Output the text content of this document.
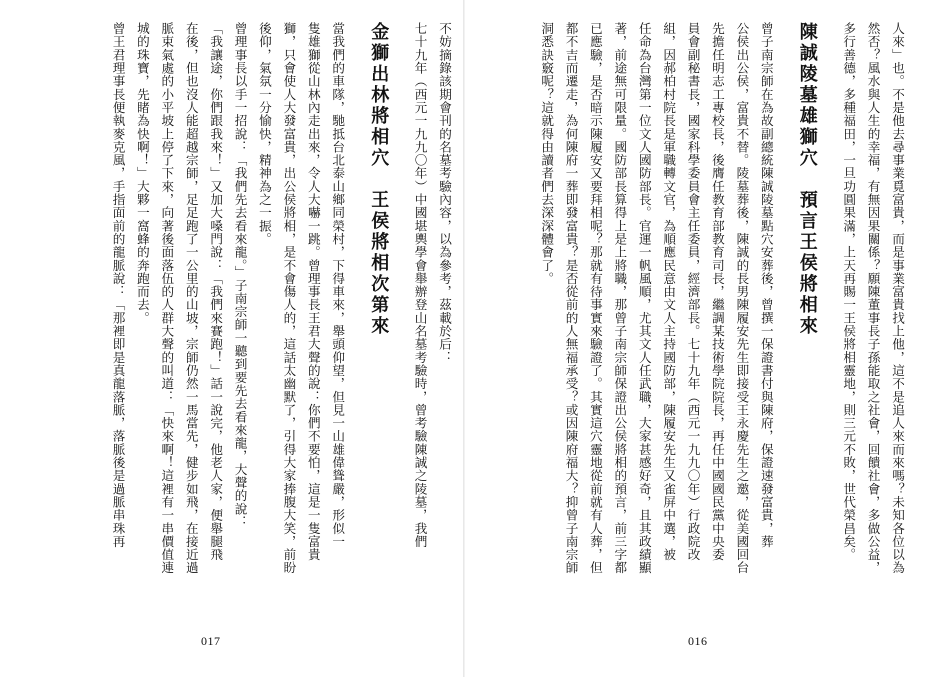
不妨摘錄該期會刊的名墓考驗內容，以為參考，茲載於后：
七十九年（西元一九九〇年）中國堪輿學會舉辦登山名墓考驗時，曾考驗陳誠之陵墓，我們
金獅出林將相穴　王侯將相次第來
當我們的車隊，馳抵台北泰山鄉同榮村，下得車來，舉頭仰望，但見一山雄偉聳嚴，形似一
隻雄獅從山林內走出來，令人大嚇一跳。曾理事長王君大聲的說：你們不要怕，這是一隻富貴
獅，只會使人大發富貴，出公侯將相，是不會傷人的，這話太幽默了，引得大家捧腹大笑，前盼
後仰，氣氛一分愉快，精神為之一振。
曾理事長以手一招說：「我們先去看來龍。」子南宗師一聽到要先去看來龍，大聲的說：
「我讓途，你們跟我來！」又加大嗓門說：「我們來賽跑！」話一說完，他老人家，便舉腿飛
在後，但也沒人能超越宗師，足足跑了一公里的山坡，宗師仍然一馬當先，健步如飛，在接近過
脈束氣處的小平坡上停了下來，向著後面落伍的人群大聲的叫道：「快來啊！這裡有一串價值連
城的珠寶，先睹為快啊！」大夥一窩蜂的奔跑而去。
曾王君理事長便執麥克風，手指面前的龍脈說：「那裡即是真龍落脈，落脈後是過脈串珠再
017
人來」也。不是他去尋事業覓富貴，而是事業富貴找上他，這不是追人來而來嗎？未知各位以為
然否？風水與人生的幸福，有無因果關係？願陳董事長子孫能取之社會，回饋社會，多做公益，
多行善德，多種福田，一旦功圓果滿，上天再賜一王侯將相靈地，則三元不敗，世代榮昌矣。
陳誠陵墓雄獅穴　預言王侯將相來
曾子南宗師在為故副總統陳誠陵墓點穴安葬後，曾撰一保證書付與陳府，保證速發富貴，葬
公侯出公侯，富貴不替。陵墓葬後，陳誠的長男陳履安先生即接受王永慶先生之邀，從美國回台
先擔任明志工專校長，後膺任教育部教育司長，繼調某技術學院院長，再任中國國民黨中央委
員會副秘書長，國家科學委員會主任委員，經濟部長。七十九年（西元一九九〇年）行政院改
組，因郝柏村院長是軍職轉文官，為順應民意由文人主持國防部，陳履安先生又雀屏中選，被
任命為台灣第一位文人國防部長。官運一帆風順，尤其文人任武職，大家甚感好奇，且其政績顯
著，前途無可限量。國防部長算得上是上將職，那曾子南宗師保證出公侯將相的預言，前三字都
已應驗，是否暗示陳履安又要拜相呢？那就有待事實來驗證了。其實這穴靈地從前就有人葬，但
都不吉而遷走，為何陳府一葬即發富貴？是否從前的人無福承受？或因陳府福大？抑曾子南宗師
洞悉訣竅呢？這就得由讀者們去深深體會了。
016
